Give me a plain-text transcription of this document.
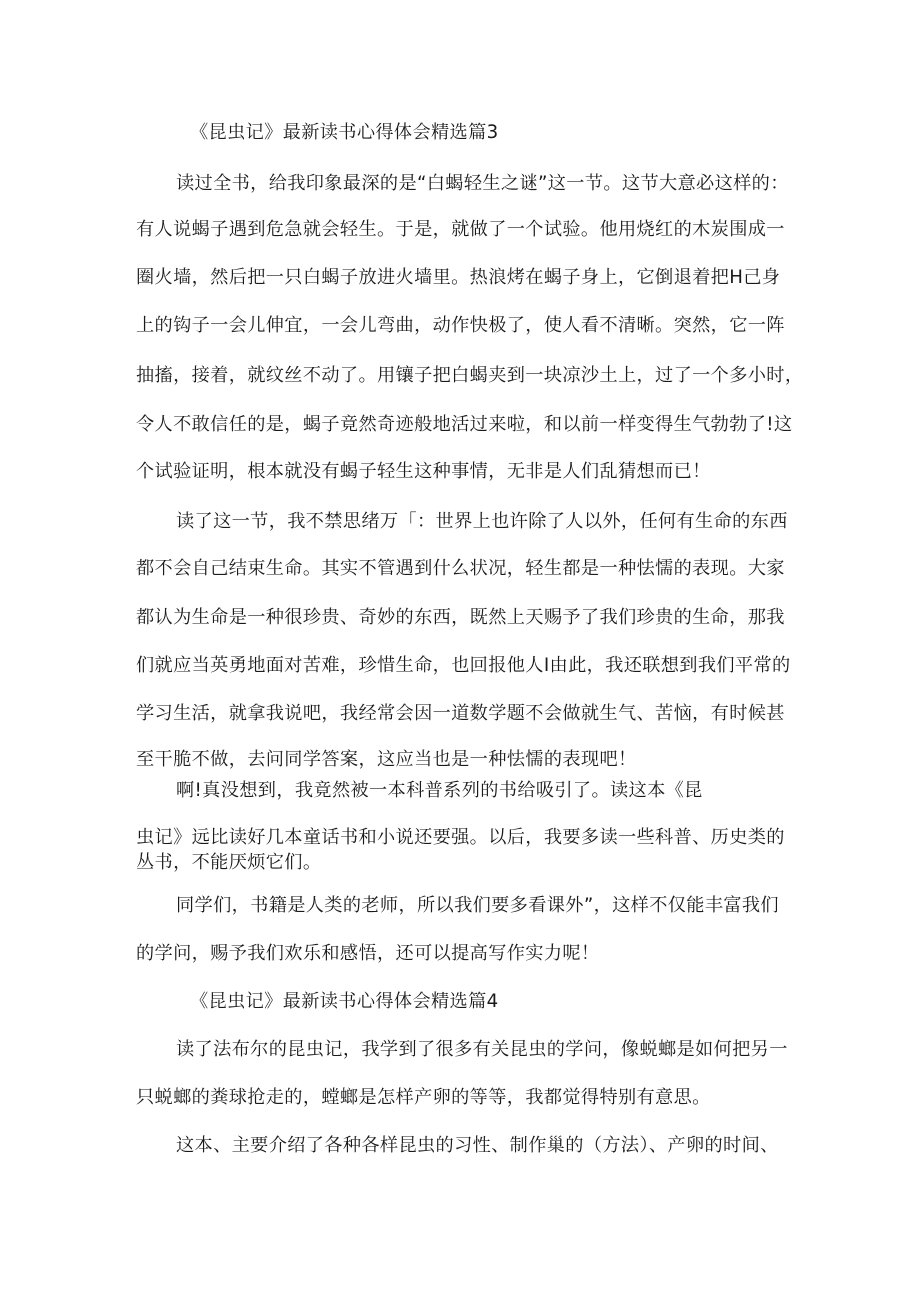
《昆虫记》最新读书心得体会精选篇3
读过全书，给我印象最深的是“白蝎轻生之谜”这一节。这节大意必这样的：
有人说蝎子遇到危急就会轻生。于是，就做了一个试验。他用烧红的木炭围成一
圈火墙，然后把一只白蝎子放进火墙里。热浪烤在蝎子身上，它倒退着把H己身
上的钩子一会儿伸宜，一会儿弯曲，动作快极了，使人看不清晰。突然，它一阵
抽搐，接着，就纹丝不动了。用镶子把白蝎夹到一块凉沙土上，过了一个多小时，
令人不敢信任的是，蝎子竟然奇迹般地活过来啦，和以前一样变得生气勃勃了!这
个试验证明，根本就没有蝎子轻生这种事情，无非是人们乱猜想而已！
读了这一节，我不禁思绪万「：世界上也许除了人以外，任何有生命的东西
都不会自己结束生命。其实不管遇到什么状况，轻生都是一种怯懦的表现。大家
都认为生命是一种很珍贵、奇妙的东西，既然上天赐予了我们珍贵的生命，那我
们就应当英勇地面对苦难，珍惜生命，也回报他人I由此，我还联想到我们平常的
学习生活，就拿我说吧，我经常会因一道数学题不会做就生气、苦恼，有时候甚
至干脆不做，去问同学答案，这应当也是一种怯懦的表现吧！
啊!真没想到，我竟然被一本科普系列的书给吸引了。读这本《昆
虫记》远比读好几本童话书和小说还要强。以后，我要多读一些科普、历史类的
丛书，不能厌烦它们。
同学们，书籍是人类的老师，所以我们要多看课外”，这样不仅能丰富我们
的学问，赐予我们欢乐和感悟，还可以提高写作实力呢！
《昆虫记》最新读书心得体会精选篇4
读了法布尔的昆虫记，我学到了很多有关昆虫的学问，像蜕螂是如何把另一
只蜕螂的粪球抢走的，螳螂是怎样产卵的等等，我都觉得特别有意思。
这本、主要介绍了各种各样昆虫的习性、制作巢的（方法）、产卵的时间、
